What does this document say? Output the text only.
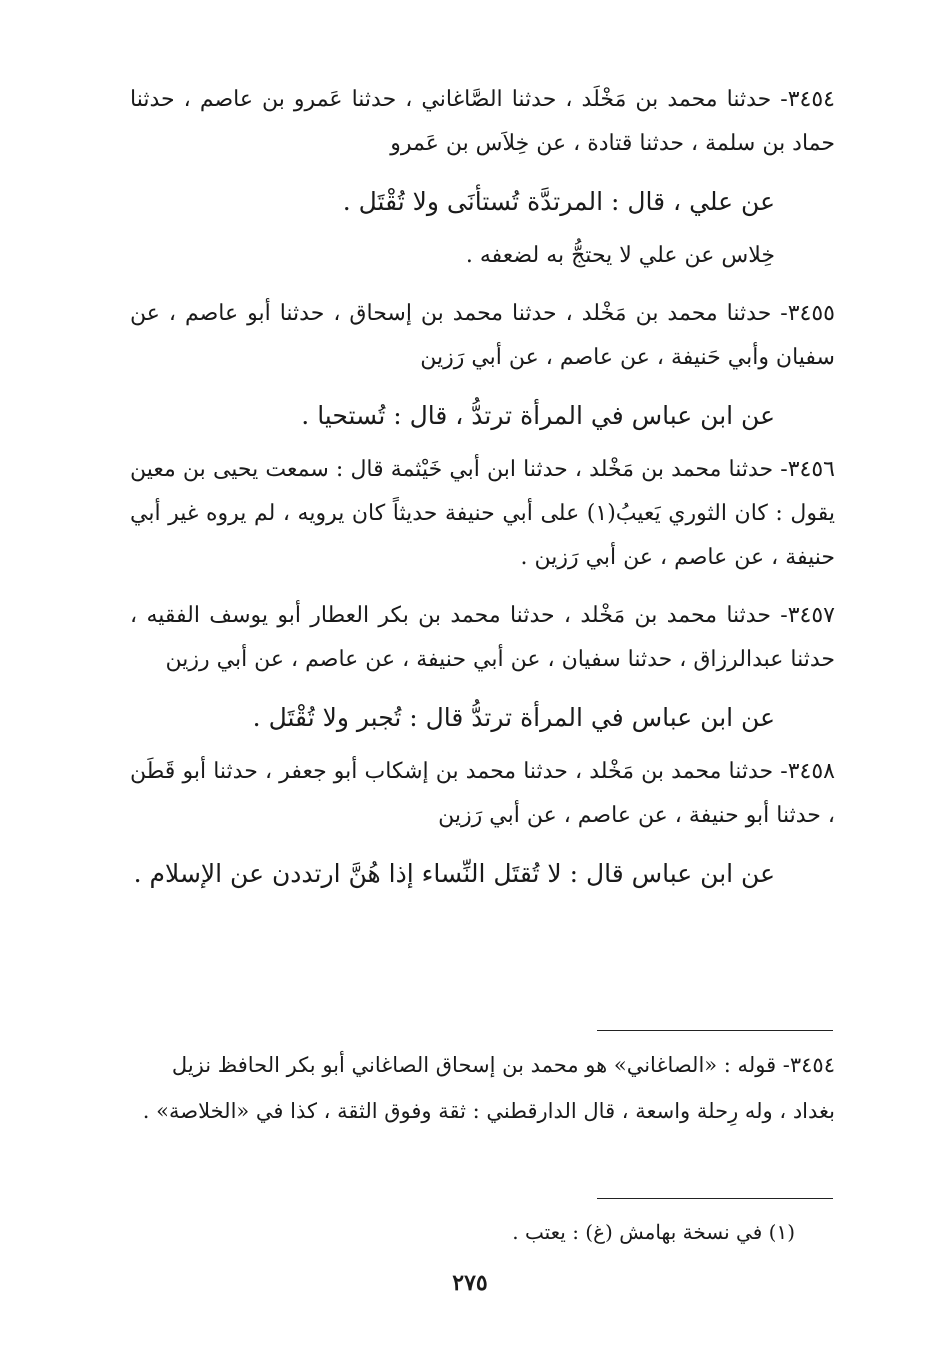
٣٤٥٤- حدثنا محمد بن مَخْلَد ، حدثنا الصَّاغاني ، حدثنا عَمرو بن عاصم ، حدثنا حماد بن سلمة ، حدثنا قتادة ، عن خِلاَس بن عَمرو

عن علي ، قال : المرتدَّة تُستأنَى ولا تُقْتَل .

خِلاس عن علي لا يحتجُّ به لضعفه .

٣٤٥٥- حدثنا محمد بن مَخْلد ، حدثنا محمد بن إسحاق ، حدثنا أبو عاصم ، عن سفيان وأبي حَنيفة ، عن عاصم ، عن أبي رَزين

عن ابن عباس في المرأة ترتدُّ ، قال : تُستحيا .

٣٤٥٦- حدثنا محمد بن مَخْلد ، حدثنا ابن أبي خَيْثمة قال : سمعت يحيى بن معين يقول : كان الثوري يَعيبُ(١) على أبي حنيفة حديثاً كان يرويه ، لم يروه غير أبي حنيفة ، عن عاصم ، عن أبي رَزين .

٣٤٥٧- حدثنا محمد بن مَخْلد ، حدثنا محمد بن بكر العطار أبو يوسف الفقيه ، حدثنا عبدالرزاق ، حدثنا سفيان ، عن أبي حنيفة ، عن عاصم ، عن أبي رزين

عن ابن عباس في المرأة ترتدُّ قال : تُجبر ولا تُقْتَل .

٣٤٥٨- حدثنا محمد بن مَخْلد ، حدثنا محمد بن إشكاب أبو جعفر ، حدثنا أبو قَطَن ، حدثنا أبو حنيفة ، عن عاصم ، عن أبي رَزين

عن ابن عباس قال : لا تُقتَل النِّساء إذا هُنَّ ارتددن عن الإسلام .

٣٤٥٤- قوله : «الصاغاني» هو محمد بن إسحاق الصاغاني أبو بكر الحافظ نزيل بغداد ، وله رِحلة واسعة ، قال الدارقطني : ثقة وفوق الثقة ، كذا في «الخلاصة» .

(١) في نسخة بهامش (غ) : يعتب .

٢٧٥
